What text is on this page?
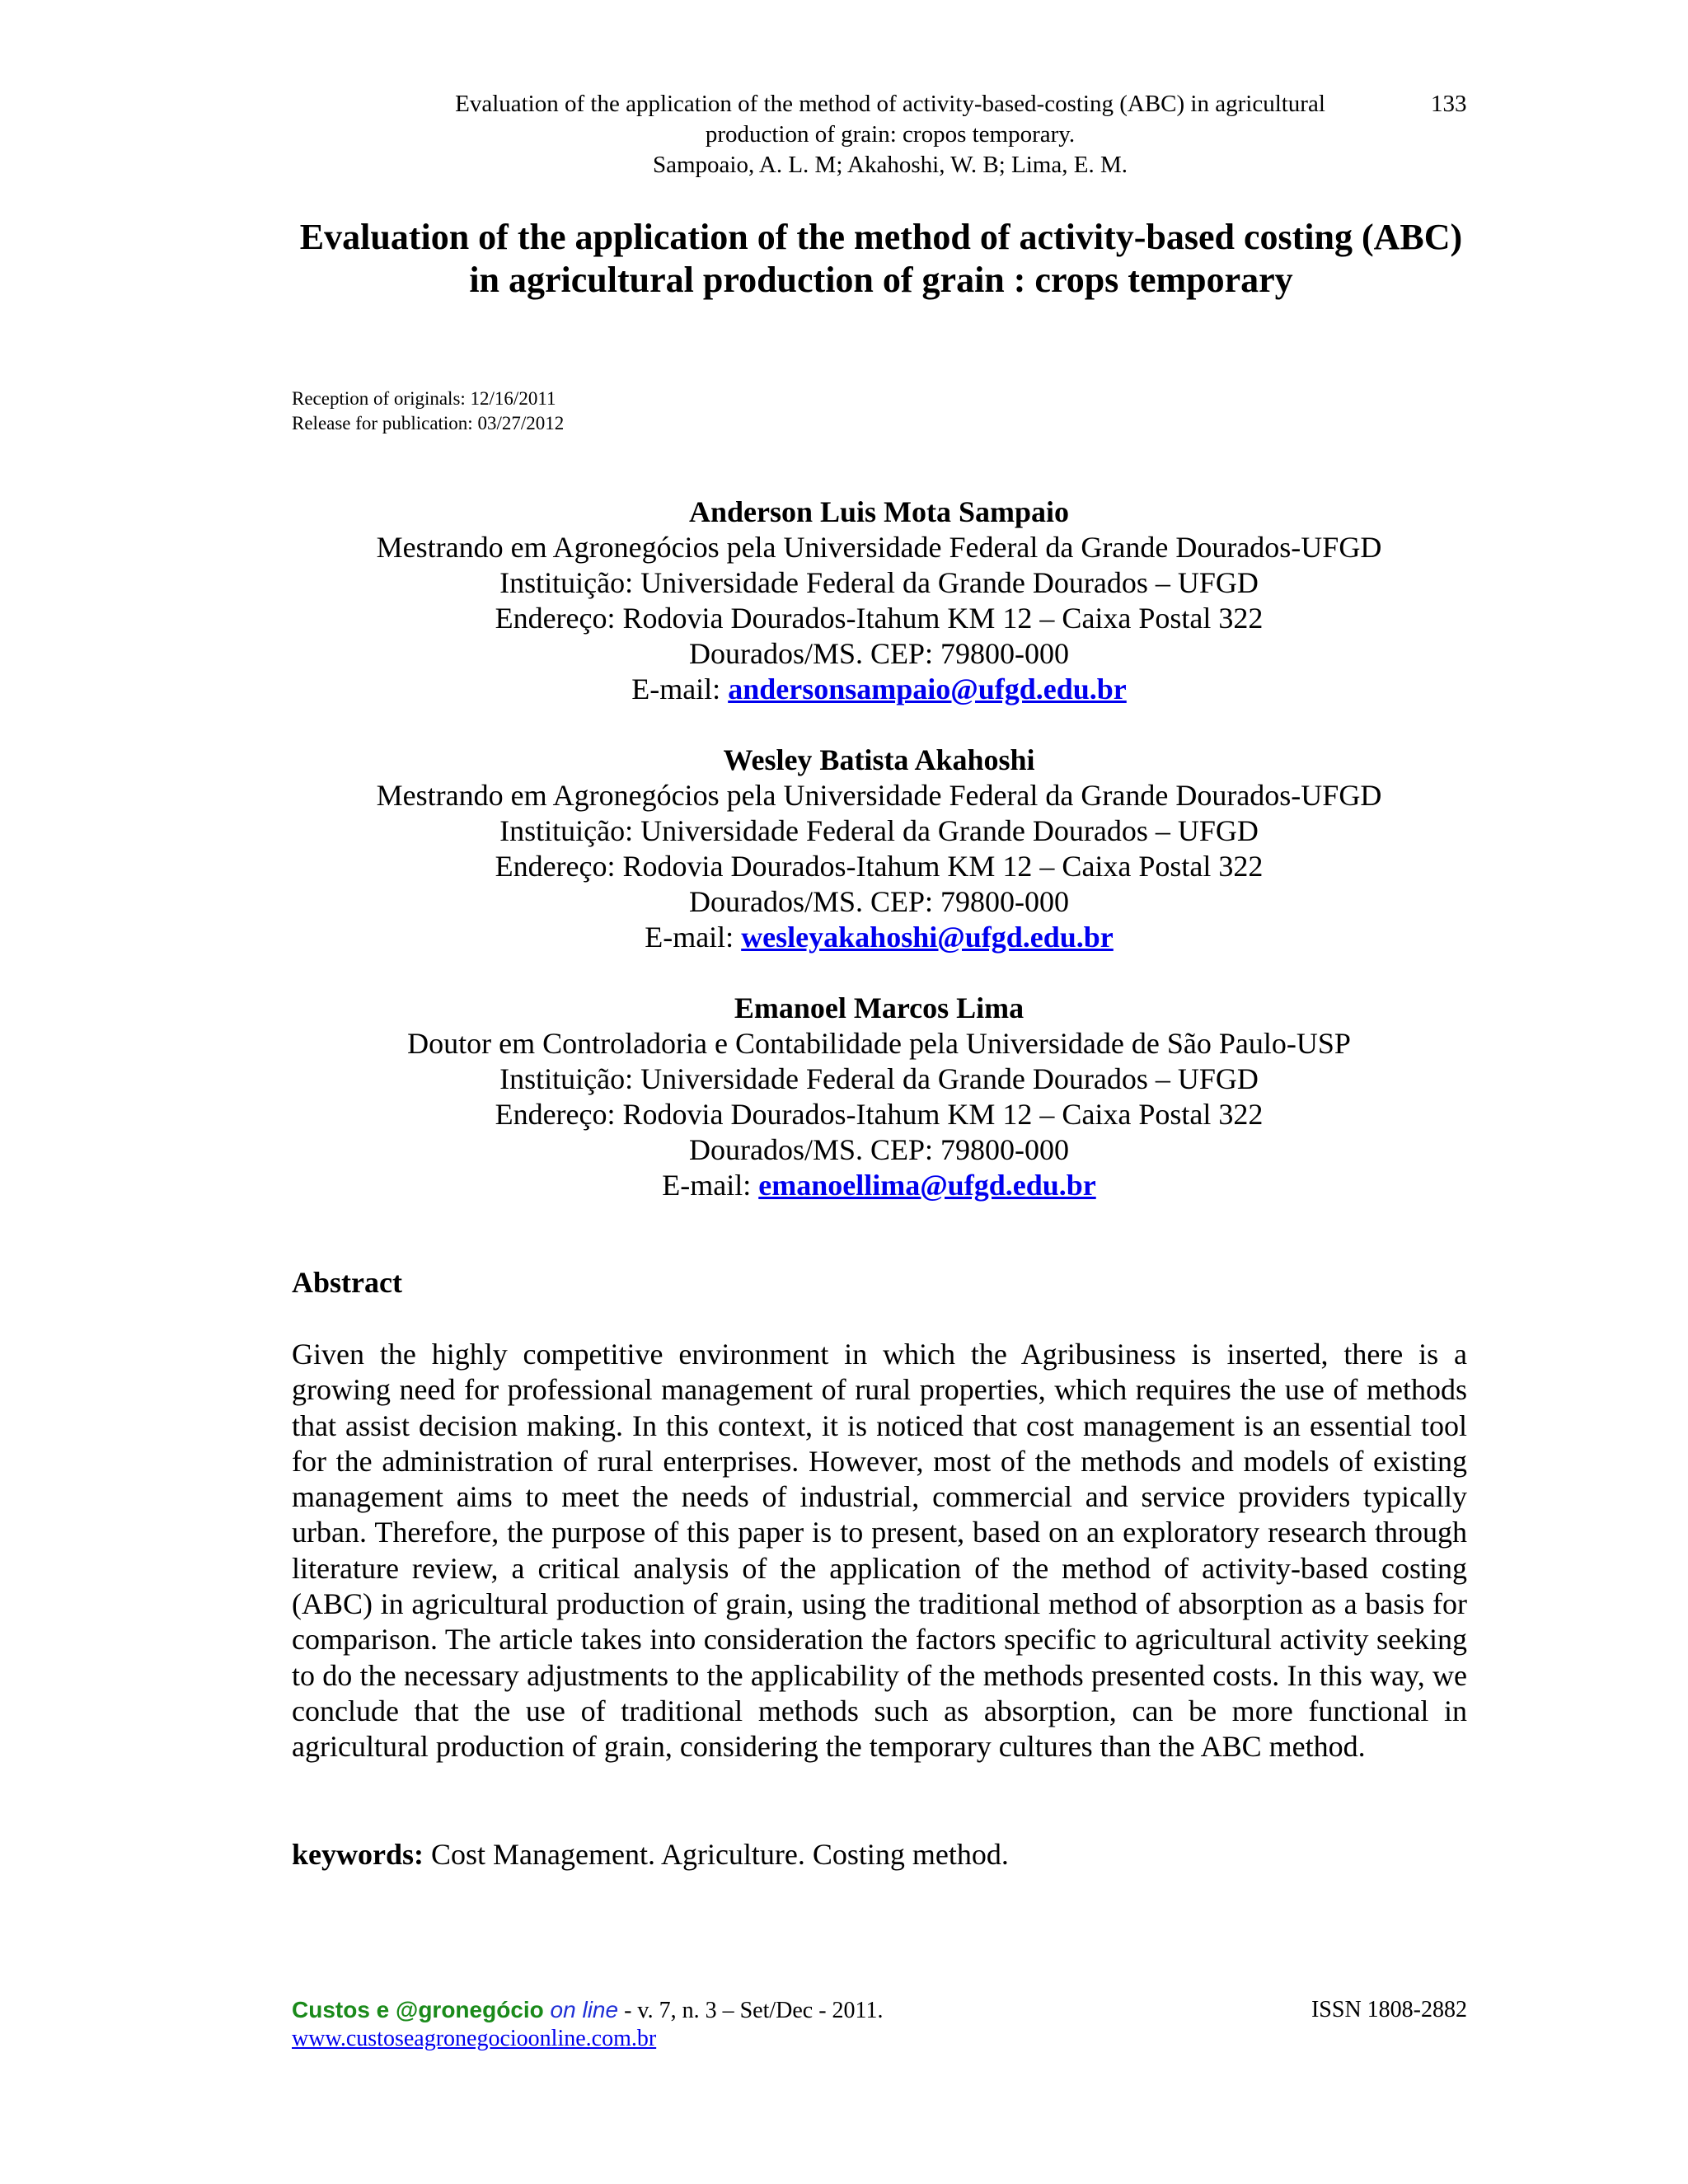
Evaluation of the application of the method of activity-based-costing (ABC) in agricultural
production of grain: cropos temporary.
Sampoaio, A. L. M; Akahoshi, W. B; Lima, E. M.
133
Evaluation of the application of the method of activity-based costing (ABC)
in agricultural production of grain : crops temporary
Reception of originals: 12/16/2011
Release for publication: 03/27/2012
Anderson Luis Mota Sampaio
Mestrando em Agronegócios pela Universidade Federal da Grande Dourados-UFGD
Instituição: Universidade Federal da Grande Dourados – UFGD
Endereço: Rodovia Dourados-Itahum KM 12 – Caixa Postal 322
Dourados/MS. CEP: 79800-000
E-mail: andersonsampaio@ufgd.edu.br
Wesley Batista Akahoshi
Mestrando em Agronegócios pela Universidade Federal da Grande Dourados-UFGD
Instituição: Universidade Federal da Grande Dourados – UFGD
Endereço: Rodovia Dourados-Itahum KM 12 – Caixa Postal 322
Dourados/MS. CEP: 79800-000
E-mail: wesleyakahoshi@ufgd.edu.br
Emanoel Marcos Lima
Doutor em Controladoria e Contabilidade pela Universidade de São Paulo-USP
Instituição: Universidade Federal da Grande Dourados – UFGD
Endereço: Rodovia Dourados-Itahum KM 12 – Caixa Postal 322
Dourados/MS. CEP: 79800-000
E-mail: emanoellima@ufgd.edu.br
Abstract
Given the highly competitive environment in which the Agribusiness is inserted, there is a growing need for professional management of rural properties, which requires the use of methods that assist decision making. In this context, it is noticed that cost management is an essential tool for the administration of rural enterprises. However, most of the methods and models of existing management aims to meet the needs of industrial, commercial and service providers typically urban. Therefore, the purpose of this paper is to present, based on an exploratory research through literature review, a critical analysis of the application of the method of activity-based costing (ABC) in agricultural production of grain, using the traditional method of absorption as a basis for comparison. The article takes into consideration the factors specific to agricultural activity seeking to do the necessary adjustments to the applicability of the methods presented costs. In this way, we conclude that the use of traditional methods such as absorption, can be more functional in agricultural production of grain, considering the temporary cultures than the ABC method.
keywords: Cost Management. Agriculture. Costing method.
Custos e @gronegócio on line - v. 7, n. 3 – Set/Dec - 2011.	ISSN 1808-2882
www.custoseagronegocioonline.com.br
